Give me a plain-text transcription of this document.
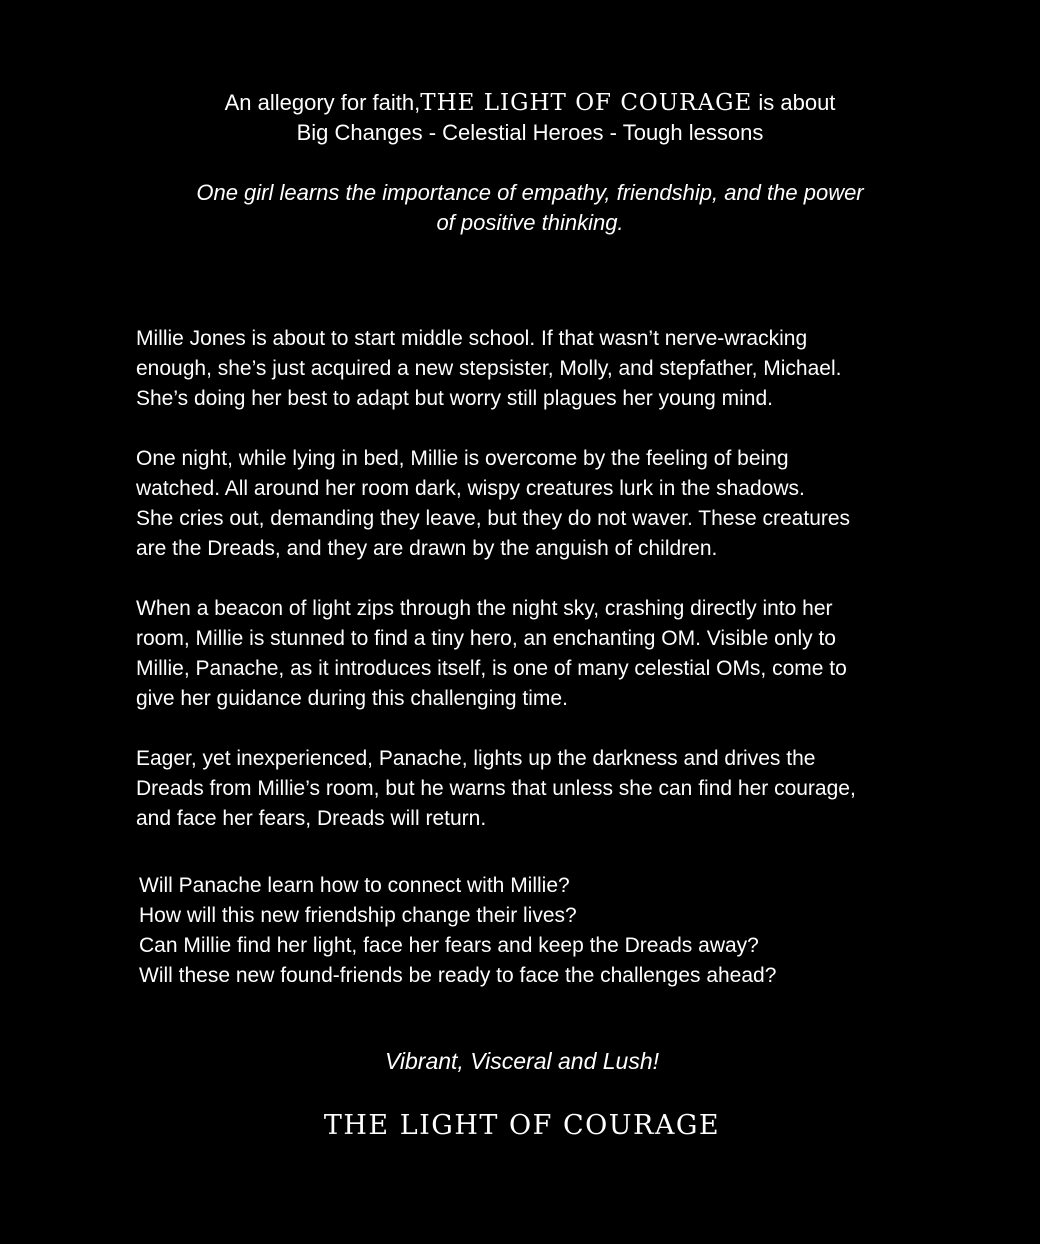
An allegory for faith,THE LIGHT OF COURAGE is about
Big Changes - Celestial Heroes - Tough lessons
One girl learns the importance of empathy, friendship, and the power
of positive thinking.

Millie Jones is about to start middle school. If that wasn’t nerve-wracking
enough, she’s just acquired a new stepsister, Molly, and stepfather, Michael.
She’s doing her best to adapt but worry still plagues her young mind.

One night, while lying in bed, Millie is overcome by the feeling of being
watched. All around her room dark, wispy creatures lurk in the shadows.
She cries out, demanding they leave, but they do not waver. These creatures
are the Dreads, and they are drawn by the anguish of children.

When a beacon of light zips through the night sky, crashing directly into her
room, Millie is stunned to find a tiny hero, an enchanting OM. Visible only to
Millie, Panache, as it introduces itself, is one of many celestial OMs, come to
give her guidance during this challenging time.

Eager, yet inexperienced, Panache, lights up the darkness and drives the
Dreads from Millie’s room, but he warns that unless she can find her courage,
and face her fears, Dreads will return.

Will Panache learn how to connect with Millie?
How will this new friendship change their lives?
Can Millie find her light, face her fears and keep the Dreads away?
Will these new found-friends be ready to face the challenges ahead?
Vibrant, Visceral and Lush!
THE LIGHT OF COURAGE
